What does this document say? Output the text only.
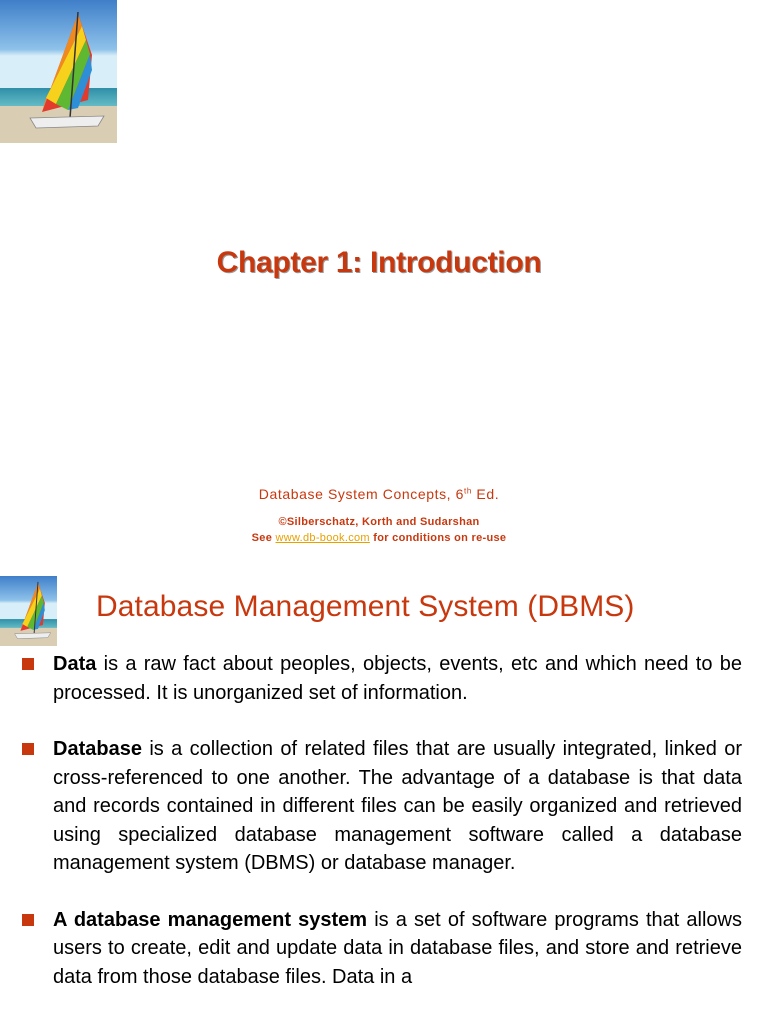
Chapter 1: Introduction
Database System Concepts, 6th Ed.
©Silberschatz, Korth and Sudarshan
See www.db-book.com for conditions on re-use
Database Management System (DBMS)
Data is a raw fact about peoples, objects, events, etc and which need to be processed. It is unorganized set of information.
Database is a collection of related files that are usually integrated, linked or cross-referenced to one another. The advantage of a database is that data and records contained in different files can be easily organized and retrieved using specialized database management software called a database management system (DBMS) or database manager.
A database management system is a set of software programs that allows users to create, edit and update data in database files, and store and retrieve data from those database files. Data in a
